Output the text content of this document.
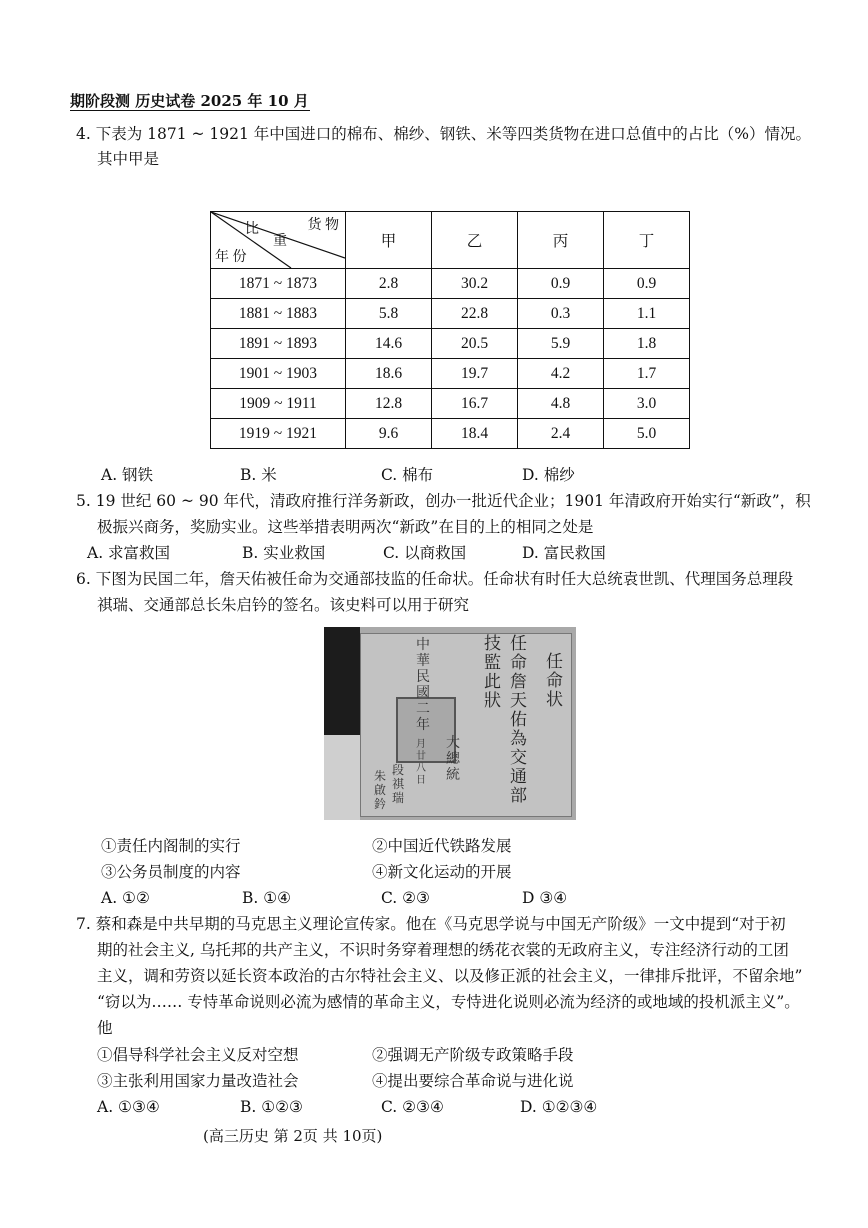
期阶段测 历史试卷 2025 年 10 月
4. 下表为 1871 ~ 1921 年中国进口的棉布、棉纱、钢铁、米等四类货物在进口总值中的占比（%）情况。
其中甲是
货 物
比
重
年 份	甲	乙	丙	丁
1871 ~ 1873	2.8	30.2	0.9	0.9
1881 ~ 1883	5.8	22.8	0.3	1.1
1891 ~ 1893	14.6	20.5	5.9	1.8
1901 ~ 1903	18.6	19.7	4.2	1.7
1909 ~ 1911	12.8	16.7	4.8	3.0
1919 ~ 1921	9.6	18.4	2.4	5.0
A. 钢铁	B. 米	C. 棉布	D. 棉纱
5. 19 世纪 60 ~ 90 年代，清政府推行洋务新政，创办一批近代企业；1901 年清政府开始实行“新政”，积
极振兴商务，奖励实业。这些举措表明两次“新政”在目的上的相同之处是
A. 求富救国	B. 实业救国	C. 以商救国	D. 富民救国
6. 下图为民国二年，詹天佑被任命为交通部技监的任命状。任命状有时任大总统袁世凯、代理国务总理段
祺瑞、交通部总长朱启钤的签名。该史料可以用于研究
任命状
任命詹天佑為交通部
技監此狀
中華民國二年
大總統
月廿八日
段祺瑞
朱啟鈐
①责任内阁制的实行	②中国近代铁路发展
③公务员制度的内容	④新文化运动的开展
A. ①②	B. ①④	C. ②③	D ③④
7. 蔡和森是中共早期的马克思主义理论宣传家。他在《马克思学说与中国无产阶级》一文中提到“对于初
期的社会主义, 乌托邦的共产主义，不识时务穿着理想的绣花衣裳的无政府主义，专注经济行动的工团
主义，调和劳资以延长资本政治的古尔特社会主义、以及修正派的社会主义，一律排斥批评，不留余地”
“窃以为…… 专恃革命说则必流为感情的革命主义，专恃进化说则必流为经济的或地域的投机派主义”。
他
①倡导科学社会主义反对空想	②强调无产阶级专政策略手段
③主张利用国家力量改造社会	④提出要综合革命说与进化说
A. ①③④	B. ①②③	C. ②③④	D. ①②③④
(高三历史 第 2页 共 10页)
